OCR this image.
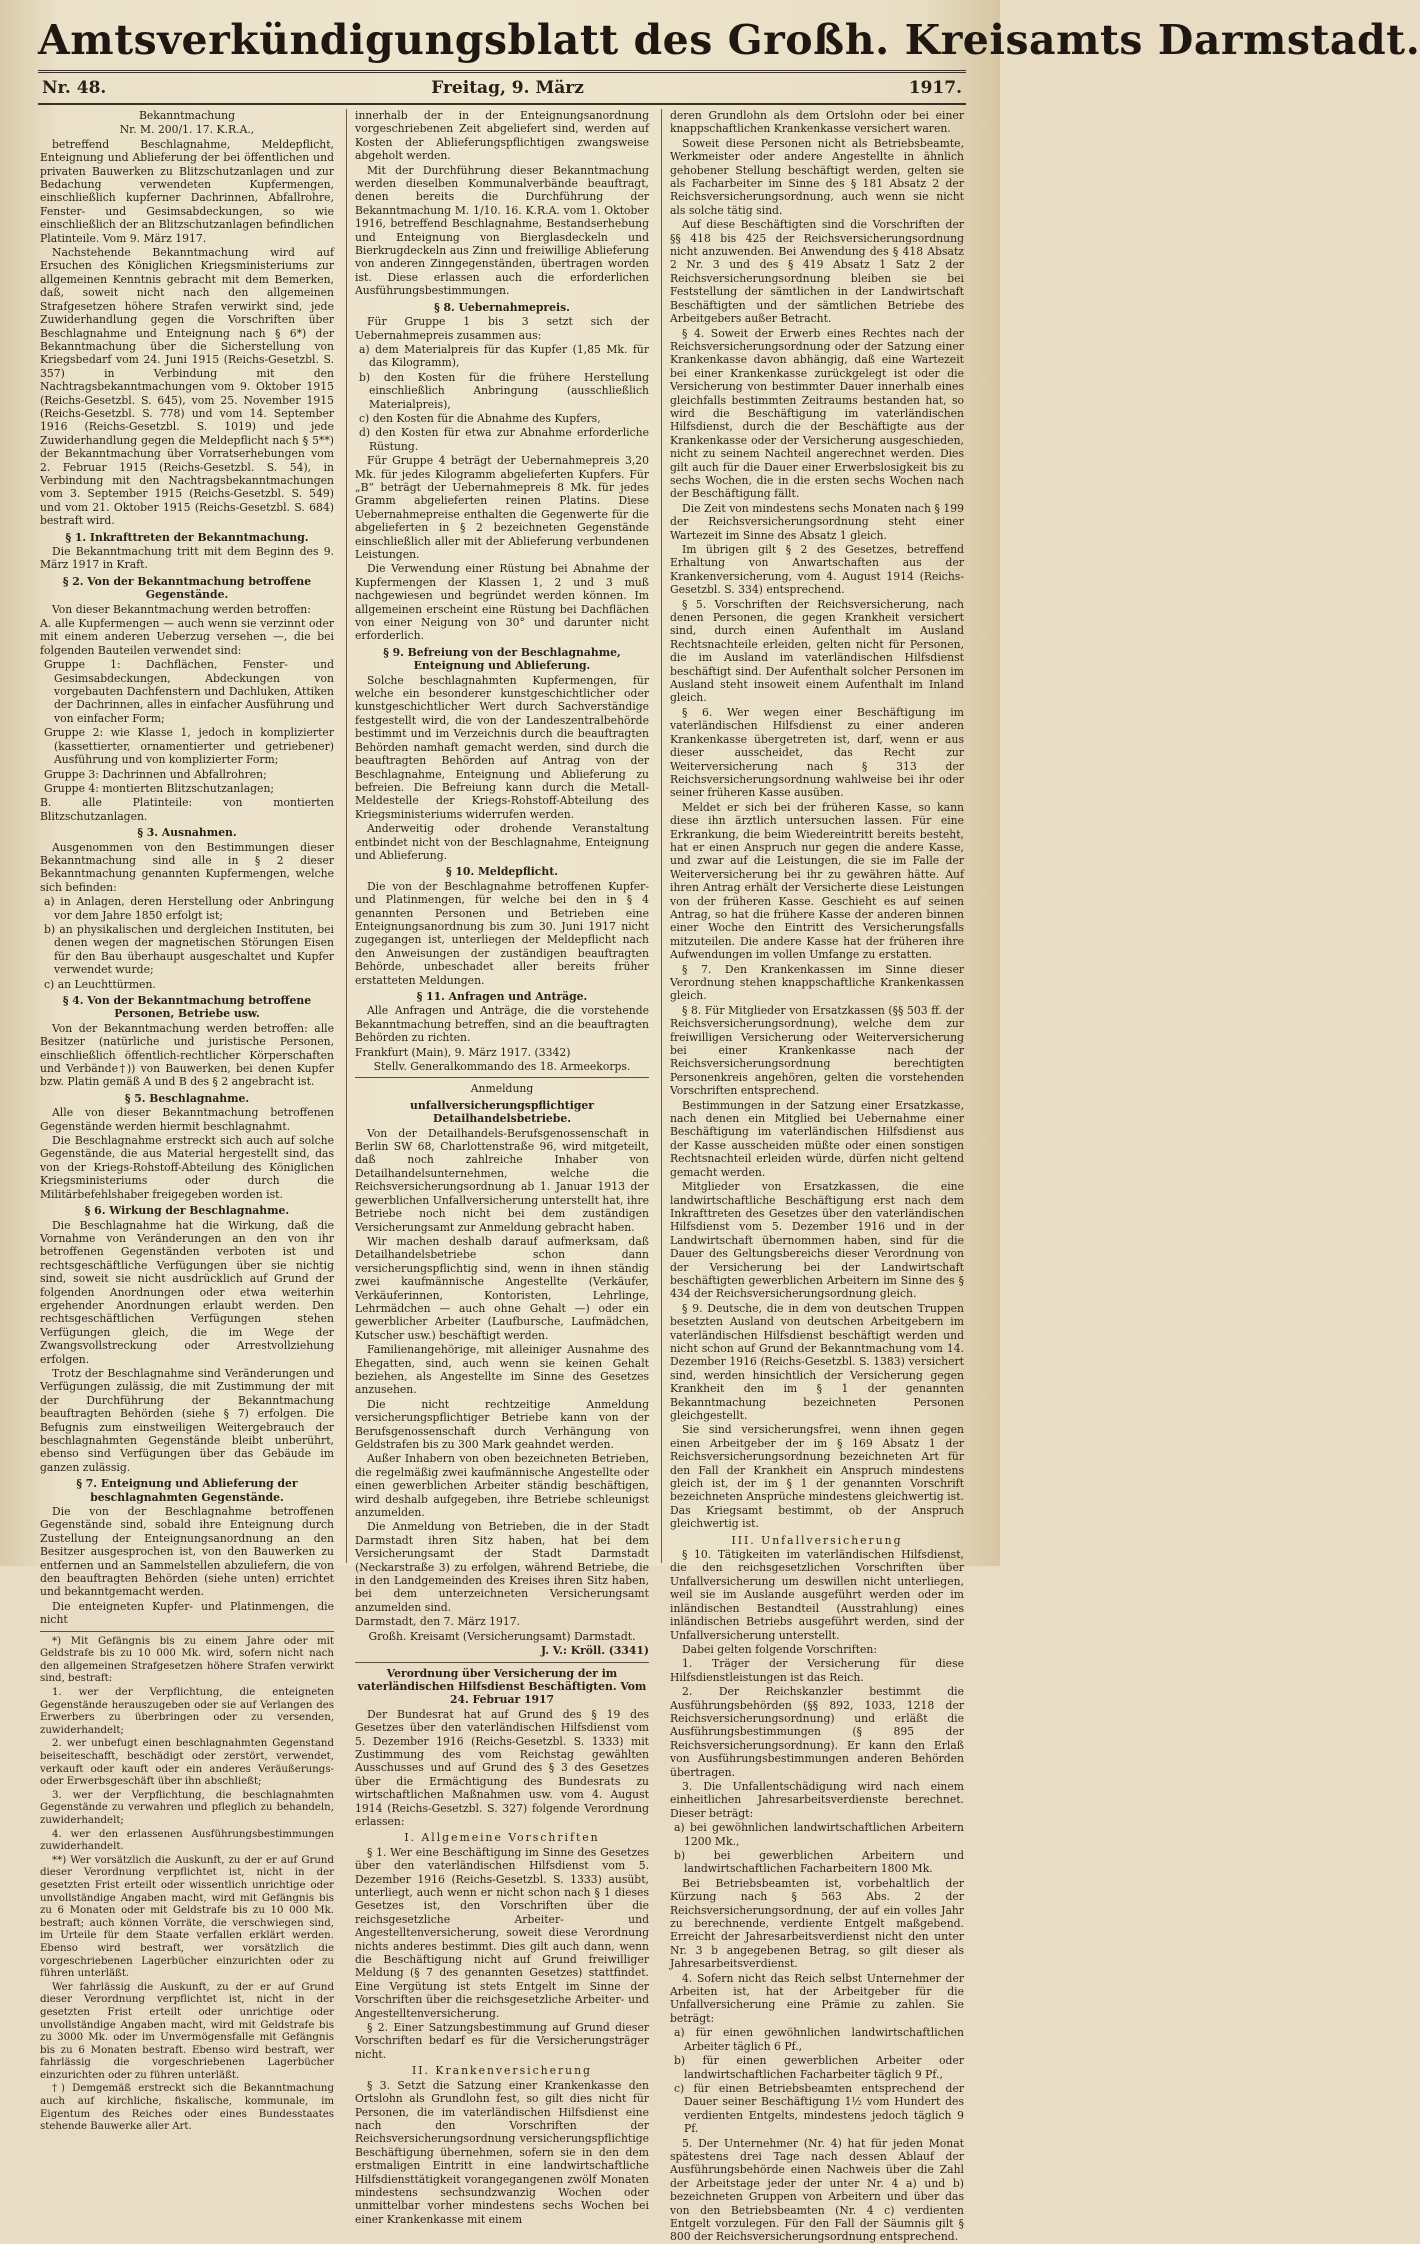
Amtsverkündigungsblatt des Großh. Kreisamts Darmstadt.
Nr. 48.	Freitag, 9. März	1917.

Bekanntmachung

Nr. M. 200/1. 17. K.R.A.,

betreffend Beschlagnahme, Meldepflicht, Enteignung und Ablieferung der bei öffentlichen und privaten Bauwerken zu Blitzschutzanlagen und zur Bedachung verwendeten Kupfermengen, einschließlich kupferner Dachrinnen, Abfallrohre, Fenster- und Gesimsabdeckungen, so wie einschließlich der an Blitzschutzanlagen befindlichen Platinteile. Vom 9. März 1917.

Nachstehende Bekanntmachung wird auf Ersuchen des Königlichen Kriegsministeriums zur allgemeinen Kenntnis gebracht mit dem Bemerken, daß, soweit nicht nach den allgemeinen Strafgesetzen höhere Strafen verwirkt sind, jede Zuwiderhandlung gegen die Vorschriften über Beschlagnahme und Enteignung nach § 6*) der Bekanntmachung über die Sicherstellung von Kriegsbedarf vom 24. Juni 1915 (Reichs-Gesetzbl. S. 357) in Verbindung mit den Nachtragsbekanntmachungen vom 9. Oktober 1915 (Reichs-Gesetzbl. S. 645), vom 25. November 1915 (Reichs-Gesetzbl. S. 778) und vom 14. September 1916 (Reichs-Gesetzbl. S. 1019) und jede Zuwiderhandlung gegen die Meldepflicht nach § 5**) der Bekanntmachung über Vorratserhebungen vom 2. Februar 1915 (Reichs-Gesetzbl. S. 54), in Verbindung mit den Nachtragsbekanntmachungen vom 3. September 1915 (Reichs-Gesetzbl. S. 549) und vom 21. Oktober 1915 (Reichs-Gesetzbl. S. 684) bestraft wird.

§ 1. Inkrafttreten der Bekanntmachung.

Die Bekanntmachung tritt mit dem Beginn des 9. März 1917 in Kraft.

§ 2. Von der Bekanntmachung betroffene Gegenstände.

Von dieser Bekanntmachung werden betroffen:

A. alle Kupfermengen — auch wenn sie verzinnt oder mit einem anderen Ueberzug versehen —, die bei folgenden Bauteilen verwendet sind:

Gruppe 1: Dachflächen, Fenster- und Gesimsabdeckungen, Abdeckungen von vorgebauten Dachfenstern und Dachluken, Attiken der Dachrinnen, alles in einfacher Ausführung und von einfacher Form;

Gruppe 2: wie Klasse 1, jedoch in komplizierter (kassettierter, ornamentierter und getriebener) Ausführung und von komplizierter Form;

Gruppe 3: Dachrinnen und Abfallrohren;

Gruppe 4: montierten Blitzschutzanlagen;

B. alle Platinteile: von montierten Blitzschutzanlagen.

§ 3. Ausnahmen.

Ausgenommen von den Bestimmungen dieser Bekanntmachung sind alle in § 2 dieser Bekanntmachung genannten Kupfermengen, welche sich befinden:

a) in Anlagen, deren Herstellung oder Anbringung vor dem Jahre 1850 erfolgt ist;

b) an physikalischen und dergleichen Instituten, bei denen wegen der magnetischen Störungen Eisen für den Bau überhaupt ausgeschaltet und Kupfer verwendet wurde;

c) an Leuchttürmen.

§ 4. Von der Bekanntmachung betroffene Personen, Betriebe usw.

Von der Bekanntmachung werden betroffen: alle Besitzer (natürliche und juristische Personen, einschließlich öffentlich-rechtlicher Körperschaften und Verbände†)) von Bauwerken, bei denen Kupfer bzw. Platin gemäß A und B des § 2 angebracht ist.

§ 5. Beschlagnahme.

Alle von dieser Bekanntmachung betroffenen Gegenstände werden hiermit beschlagnahmt.

Die Beschlagnahme erstreckt sich auch auf solche Gegenstände, die aus Material hergestellt sind, das von der Kriegs-Rohstoff-Abteilung des Königlichen Kriegsministeriums oder durch die Militärbefehlshaber freigegeben worden ist.

§ 6. Wirkung der Beschlagnahme.

Die Beschlagnahme hat die Wirkung, daß die Vornahme von Veränderungen an den von ihr betroffenen Gegenständen verboten ist und rechtsgeschäftliche Verfügungen über sie nichtig sind, soweit sie nicht ausdrücklich auf Grund der folgenden Anordnungen oder etwa weiterhin ergehender Anordnungen erlaubt werden. Den rechtsgeschäftlichen Verfügungen stehen Verfügungen gleich, die im Wege der Zwangsvollstreckung oder Arrestvollziehung erfolgen.

Trotz der Beschlagnahme sind Veränderungen und Verfügungen zulässig, die mit Zustimmung der mit der Durchführung der Bekanntmachung beauftragten Behörden (siehe § 7) erfolgen. Die Befugnis zum einstweiligen Weitergebrauch der beschlagnahmten Gegenstände bleibt unberührt, ebenso sind Verfügungen über das Gebäude im ganzen zulässig.

§ 7. Enteignung und Ablieferung der beschlagnahmten Gegenstände.

Die von der Beschlagnahme betroffenen Gegenstände sind, sobald ihre Enteignung durch Zustellung der Enteignungsanordnung an den Besitzer ausgesprochen ist, von den Bauwerken zu entfernen und an Sammelstellen abzuliefern, die von den beauftragten Behörden (siehe unten) errichtet und bekanntgemacht werden.

Die enteigneten Kupfer- und Platinmengen, die nicht

*) Mit Gefängnis bis zu einem Jahre oder mit Geldstrafe bis zu 10 000 Mk. wird, sofern nicht nach den allgemeinen Strafgesetzen höhere Strafen verwirkt sind, bestraft:

1. wer der Verpflichtung, die enteigneten Gegenstände herauszugeben oder sie auf Verlangen des Erwerbers zu überbringen oder zu versenden, zuwiderhandelt;

2. wer unbefugt einen beschlagnahmten Gegenstand beiseiteschafft, beschädigt oder zerstört, verwendet, verkauft oder kauft oder ein anderes Veräußerungs- oder Erwerbsgeschäft über ihn abschließt;

3. wer der Verpflichtung, die beschlagnahmten Gegenstände zu verwahren und pfleglich zu behandeln, zuwiderhandelt;

4. wer den erlassenen Ausführungsbestimmungen zuwiderhandelt.

**) Wer vorsätzlich die Auskunft, zu der er auf Grund dieser Verordnung verpflichtet ist, nicht in der gesetzten Frist erteilt oder wissentlich unrichtige oder unvollständige Angaben macht, wird mit Gefängnis bis zu 6 Monaten oder mit Geldstrafe bis zu 10 000 Mk. bestraft; auch können Vorräte, die verschwiegen sind, im Urteile für dem Staate verfallen erklärt werden. Ebenso wird bestraft, wer vorsätzlich die vorgeschriebenen Lagerbücher einzurichten oder zu führen unterläßt.

Wer fahrlässig die Auskunft, zu der er auf Grund dieser Verordnung verpflichtet ist, nicht in der gesetzten Frist erteilt oder unrichtige oder unvollständige Angaben macht, wird mit Geldstrafe bis zu 3000 Mk. oder im Unvermögensfalle mit Gefängnis bis zu 6 Monaten bestraft. Ebenso wird bestraft, wer fahrlässig die vorgeschriebenen Lagerbücher einzurichten oder zu führen unterläßt.

†) Demgemäß erstreckt sich die Bekanntmachung auch auf kirchliche, fiskalische, kommunale, im Eigentum des Reiches oder eines Bundesstaates stehende Bauwerke aller Art.

innerhalb der in der Enteignungsanordnung vorgeschriebenen Zeit abgeliefert sind, werden auf Kosten der Ablieferungspflichtigen zwangsweise abgeholt werden.

Mit der Durchführung dieser Bekanntmachung werden dieselben Kommunalverbände beauftragt, denen bereits die Durchführung der Bekanntmachung M. 1/10. 16. K.R.A. vom 1. Oktober 1916, betreffend Beschlagnahme, Bestandserhebung und Enteignung von Bierglasdeckeln und Bierkrugdeckeln aus Zinn und freiwillige Ablieferung von anderen Zinngegenständen, übertragen worden ist. Diese erlassen auch die erforderlichen Ausführungsbestimmungen.

§ 8. Uebernahmepreis.

Für Gruppe 1 bis 3 setzt sich der Uebernahmepreis zusammen aus:

a) dem Materialpreis für das Kupfer (1,85 Mk. für das Kilogramm),

b) den Kosten für die frühere Herstellung einschließlich Anbringung (ausschließlich Materialpreis),

c) den Kosten für die Abnahme des Kupfers,

d) den Kosten für etwa zur Abnahme erforderliche Rüstung.

Für Gruppe 4 beträgt der Uebernahmepreis 3,20 Mk. für jedes Kilogramm abgelieferten Kupfers. Für „B“ beträgt der Uebernahmepreis 8 Mk. für jedes Gramm abgelieferten reinen Platins. Diese Uebernahmepreise enthalten die Gegenwerte für die abgelieferten in § 2 bezeichneten Gegenstände einschließlich aller mit der Ablieferung verbundenen Leistungen.

Die Verwendung einer Rüstung bei Abnahme der Kupfermengen der Klassen 1, 2 und 3 muß nachgewiesen und begründet werden können. Im allgemeinen erscheint eine Rüstung bei Dachflächen von einer Neigung von 30° und darunter nicht erforderlich.

§ 9. Befreiung von der Beschlagnahme, Enteignung und Ablieferung.

Solche beschlagnahmten Kupfermengen, für welche ein besonderer kunstgeschichtlicher oder kunstgeschichtlicher Wert durch Sachverständige festgestellt wird, die von der Landeszentralbehörde bestimmt und im Verzeichnis durch die beauftragten Behörden namhaft gemacht werden, sind durch die beauftragten Behörden auf Antrag von der Beschlagnahme, Enteignung und Ablieferung zu befreien. Die Befreiung kann durch die Metall-Meldestelle der Kriegs-Rohstoff-Abteilung des Kriegsministeriums widerrufen werden.

Anderweitig oder drohende Veranstaltung entbindet nicht von der Beschlagnahme, Enteignung und Ablieferung.

§ 10. Meldepflicht.

Die von der Beschlagnahme betroffenen Kupfer- und Platinmengen, für welche bei den in § 4 genannten Personen und Betrieben eine Enteignungsanordnung bis zum 30. Juni 1917 nicht zugegangen ist, unterliegen der Meldepflicht nach den Anweisungen der zuständigen beauftragten Behörde, unbeschadet aller bereits früher erstatteten Meldungen.

§ 11. Anfragen und Anträge.

Alle Anfragen und Anträge, die die vorstehende Bekanntmachung betreffen, sind an die beauftragten Behörden zu richten.

Frankfurt (Main), 9. März 1917. (3342)

Stellv. Generalkommando des 18. Armeekorps.

Anmeldung

unfallversicherungspflichtiger Detailhandelsbetriebe.

Von der Detailhandels-Berufsgenossenschaft in Berlin SW 68, Charlottenstraße 96, wird mitgeteilt, daß noch zahlreiche Inhaber von Detailhandelsunternehmen, welche die Reichsversicherungsordnung ab 1. Januar 1913 der gewerblichen Unfallversicherung unterstellt hat, ihre Betriebe noch nicht bei dem zuständigen Versicherungsamt zur Anmeldung gebracht haben.

Wir machen deshalb darauf aufmerksam, daß Detailhandelsbetriebe schon dann versicherungspflichtig sind, wenn in ihnen ständig zwei kaufmännische Angestellte (Verkäufer, Verkäuferinnen, Kontoristen, Lehrlinge, Lehrmädchen — auch ohne Gehalt —) oder ein gewerblicher Arbeiter (Laufbursche, Laufmädchen, Kutscher usw.) beschäftigt werden.

Familienangehörige, mit alleiniger Ausnahme des Ehegatten, sind, auch wenn sie keinen Gehalt beziehen, als Angestellte im Sinne des Gesetzes anzusehen.

Die nicht rechtzeitige Anmeldung versicherungspflichtiger Betriebe kann von der Berufsgenossenschaft durch Verhängung von Geldstrafen bis zu 300 Mark geahndet werden.

Außer Inhabern von oben bezeichneten Betrieben, die regelmäßig zwei kaufmännische Angestellte oder einen gewerblichen Arbeiter ständig beschäftigen, wird deshalb aufgegeben, ihre Betriebe schleunigst anzumelden.

Die Anmeldung von Betrieben, die in der Stadt Darmstadt ihren Sitz haben, hat bei dem Versicherungsamt der Stadt Darmstadt (Neckarstraße 3) zu erfolgen, während Betriebe, die in den Landgemeinden des Kreises ihren Sitz haben, bei dem unterzeichneten Versicherungsamt anzumelden sind.

Darmstadt, den 7. März 1917.

Großh. Kreisamt (Versicherungsamt) Darmstadt.

J. V.: Kröll. (3341)

Verordnung über Versicherung der im vaterländischen Hilfsdienst Beschäftigten. Vom 24. Februar 1917

Der Bundesrat hat auf Grund des § 19 des Gesetzes über den vaterländischen Hilfsdienst vom 5. Dezember 1916 (Reichs-Gesetzbl. S. 1333) mit Zustimmung des vom Reichstag gewählten Ausschusses und auf Grund des § 3 des Gesetzes über die Ermächtigung des Bundesrats zu wirtschaftlichen Maßnahmen usw. vom 4. August 1914 (Reichs-Gesetzbl. S. 327) folgende Verordnung erlassen:

I. Allgemeine Vorschriften

§ 1. Wer eine Beschäftigung im Sinne des Gesetzes über den vaterländischen Hilfsdienst vom 5. Dezember 1916 (Reichs-Gesetzbl. S. 1333) ausübt, unterliegt, auch wenn er nicht schon nach § 1 dieses Gesetzes ist, den Vorschriften über die reichsgesetzliche Arbeiter- und Angestelltenversicherung, soweit diese Verordnung nichts anderes bestimmt. Dies gilt auch dann, wenn die Beschäftigung nicht auf Grund freiwilliger Meldung (§ 7 des genannten Gesetzes) stattfindet. Eine Vergütung ist stets Entgelt im Sinne der Vorschriften über die reichsgesetzliche Arbeiter- und Angestelltenversicherung.

§ 2. Einer Satzungsbestimmung auf Grund dieser Vorschriften bedarf es für die Versicherungsträger nicht.

II. Krankenversicherung

§ 3. Setzt die Satzung einer Krankenkasse den Ortslohn als Grundlohn fest, so gilt dies nicht für Personen, die im vaterländischen Hilfsdienst eine nach den Vorschriften der Reichsversicherungsordnung versicherungspflichtige Beschäftigung übernehmen, sofern sie in den dem erstmaligen Eintritt in eine landwirtschaftliche Hilfsdiensttätigkeit vorangegangenen zwölf Monaten mindestens sechsundzwanzig Wochen oder unmittelbar vorher mindestens sechs Wochen bei einer Krankenkasse mit einem

deren Grundlohn als dem Ortslohn oder bei einer knappschaftlichen Krankenkasse versichert waren.

Soweit diese Personen nicht als Betriebsbeamte, Werkmeister oder andere Angestellte in ähnlich gehobener Stellung beschäftigt werden, gelten sie als Facharbeiter im Sinne des § 181 Absatz 2 der Reichsversicherungsordnung, auch wenn sie nicht als solche tätig sind.

Auf diese Beschäftigten sind die Vorschriften der §§ 418 bis 425 der Reichsversicherungsordnung nicht anzuwenden. Bei Anwendung des § 418 Absatz 2 Nr. 3 und des § 419 Absatz 1 Satz 2 der Reichsversicherungsordnung bleiben sie bei Feststellung der sämtlichen in der Landwirtschaft Beschäftigten und der sämtlichen Betriebe des Arbeitgebers außer Betracht.

§ 4. Soweit der Erwerb eines Rechtes nach der Reichsversicherungsordnung oder der Satzung einer Krankenkasse davon abhängig, daß eine Wartezeit bei einer Krankenkasse zurückgelegt ist oder die Versicherung von bestimmter Dauer innerhalb eines gleichfalls bestimmten Zeitraums bestanden hat, so wird die Beschäftigung im vaterländischen Hilfsdienst, durch die der Beschäftigte aus der Krankenkasse oder der Versicherung ausgeschieden, nicht zu seinem Nachteil angerechnet werden. Dies gilt auch für die Dauer einer Erwerbslosigkeit bis zu sechs Wochen, die in die ersten sechs Wochen nach der Beschäftigung fällt.

Die Zeit von mindestens sechs Monaten nach § 199 der Reichsversicherungsordnung steht einer Wartezeit im Sinne des Absatz 1 gleich.

Im übrigen gilt § 2 des Gesetzes, betreffend Erhaltung von Anwartschaften aus der Krankenversicherung, vom 4. August 1914 (Reichs-Gesetzbl. S. 334) entsprechend.

§ 5. Vorschriften der Reichsversicherung, nach denen Personen, die gegen Krankheit versichert sind, durch einen Aufenthalt im Ausland Rechtsnachteile erleiden, gelten nicht für Personen, die im Ausland im vaterländischen Hilfsdienst beschäftigt sind. Der Aufenthalt solcher Personen im Ausland steht insoweit einem Aufenthalt im Inland gleich.

§ 6. Wer wegen einer Beschäftigung im vaterländischen Hilfsdienst zu einer anderen Krankenkasse übergetreten ist, darf, wenn er aus dieser ausscheidet, das Recht zur Weiterversicherung nach § 313 der Reichsversicherungsordnung wahlweise bei ihr oder seiner früheren Kasse ausüben.

Meldet er sich bei der früheren Kasse, so kann diese ihn ärztlich untersuchen lassen. Für eine Erkrankung, die beim Wiedereintritt bereits besteht, hat er einen Anspruch nur gegen die andere Kasse, und zwar auf die Leistungen, die sie im Falle der Weiterversicherung bei ihr zu gewähren hätte. Auf ihren Antrag erhält der Versicherte diese Leistungen von der früheren Kasse. Geschieht es auf seinen Antrag, so hat die frühere Kasse der anderen binnen einer Woche den Eintritt des Versicherungsfalls mitzuteilen. Die andere Kasse hat der früheren ihre Aufwendungen im vollen Umfange zu erstatten.

§ 7. Den Krankenkassen im Sinne dieser Verordnung stehen knappschaftliche Krankenkassen gleich.

§ 8. Für Mitglieder von Ersatzkassen (§§ 503 ff. der Reichsversicherungsordnung), welche dem zur freiwilligen Versicherung oder Weiterversicherung bei einer Krankenkasse nach der Reichsversicherungsordnung berechtigten Personenkreis angehören, gelten die vorstehenden Vorschriften entsprechend.

Bestimmungen in der Satzung einer Ersatzkasse, nach denen ein Mitglied bei Uebernahme einer Beschäftigung im vaterländischen Hilfsdienst aus der Kasse ausscheiden müßte oder einen sonstigen Rechtsnachteil erleiden würde, dürfen nicht geltend gemacht werden.

Mitglieder von Ersatzkassen, die eine landwirtschaftliche Beschäftigung erst nach dem Inkrafttreten des Gesetzes über den vaterländischen Hilfsdienst vom 5. Dezember 1916 und in der Landwirtschaft übernommen haben, sind für die Dauer des Geltungsbereichs dieser Verordnung von der Versicherung bei der Landwirtschaft beschäftigten gewerblichen Arbeitern im Sinne des § 434 der Reichsversicherungsordnung gleich.

§ 9. Deutsche, die in dem von deutschen Truppen besetzten Ausland von deutschen Arbeitgebern im vaterländischen Hilfsdienst beschäftigt werden und nicht schon auf Grund der Bekanntmachung vom 14. Dezember 1916 (Reichs-Gesetzbl. S. 1383) versichert sind, werden hinsichtlich der Versicherung gegen Krankheit den im § 1 der genannten Bekanntmachung bezeichneten Personen gleichgestellt.

Sie sind versicherungsfrei, wenn ihnen gegen einen Arbeitgeber der im § 169 Absatz 1 der Reichsversicherungsordnung bezeichneten Art für den Fall der Krankheit ein Anspruch mindestens gleich ist, der im § 1 der genannten Vorschrift bezeichneten Ansprüche mindestens gleichwertig ist. Das Kriegsamt bestimmt, ob der Anspruch gleichwertig ist.

III. Unfallversicherung

§ 10. Tätigkeiten im vaterländischen Hilfsdienst, die den reichsgesetzlichen Vorschriften über Unfallversicherung um deswillen nicht unterliegen, weil sie im Auslande ausgeführt werden oder im inländischen Bestandteil (Ausstrahlung) eines inländischen Betriebs ausgeführt werden, sind der Unfallversicherung unterstellt.

Dabei gelten folgende Vorschriften:

1. Träger der Versicherung für diese Hilfsdienstleistungen ist das Reich.

2. Der Reichskanzler bestimmt die Ausführungsbehörden (§§ 892, 1033, 1218 der Reichsversicherungsordnung) und erläßt die Ausführungsbestimmungen (§ 895 der Reichsversicherungsordnung). Er kann den Erlaß von Ausführungsbestimmungen anderen Behörden übertragen.

3. Die Unfallentschädigung wird nach einem einheitlichen Jahresarbeitsverdienste berechnet. Dieser beträgt:

a) bei gewöhnlichen landwirtschaftlichen Arbeitern 1200 Mk.,

b) bei gewerblichen Arbeitern und landwirtschaftlichen Facharbeitern 1800 Mk.

Bei Betriebsbeamten ist, vorbehaltlich der Kürzung nach § 563 Abs. 2 der Reichsversicherungsordnung, der auf ein volles Jahr zu berechnende, verdiente Entgelt maßgebend. Erreicht der Jahresarbeitsverdienst nicht den unter Nr. 3 b angegebenen Betrag, so gilt dieser als Jahresarbeitsverdienst.

4. Sofern nicht das Reich selbst Unternehmer der Arbeiten ist, hat der Arbeitgeber für die Unfallversicherung eine Prämie zu zahlen. Sie beträgt:

a) für einen gewöhnlichen landwirtschaftlichen Arbeiter täglich 6 Pf.,

b) für einen gewerblichen Arbeiter oder landwirtschaftlichen Facharbeiter täglich 9 Pf.,

c) für einen Betriebsbeamten entsprechend der Dauer seiner Beschäftigung 1½ vom Hundert des verdienten Entgelts, mindestens jedoch täglich 9 Pf.

5. Der Unternehmer (Nr. 4) hat für jeden Monat spätestens drei Tage nach dessen Ablauf der Ausführungsbehörde einen Nachweis über die Zahl der Arbeitstage jeder der unter Nr. 4 a) und b) bezeichneten Gruppen von Arbeitern und über das von den Betriebsbeamten (Nr. 4 c) verdienten Entgelt vorzulegen. Für den Fall der Säumnis gilt § 800 der Reichsversicherungsordnung entsprechend.
